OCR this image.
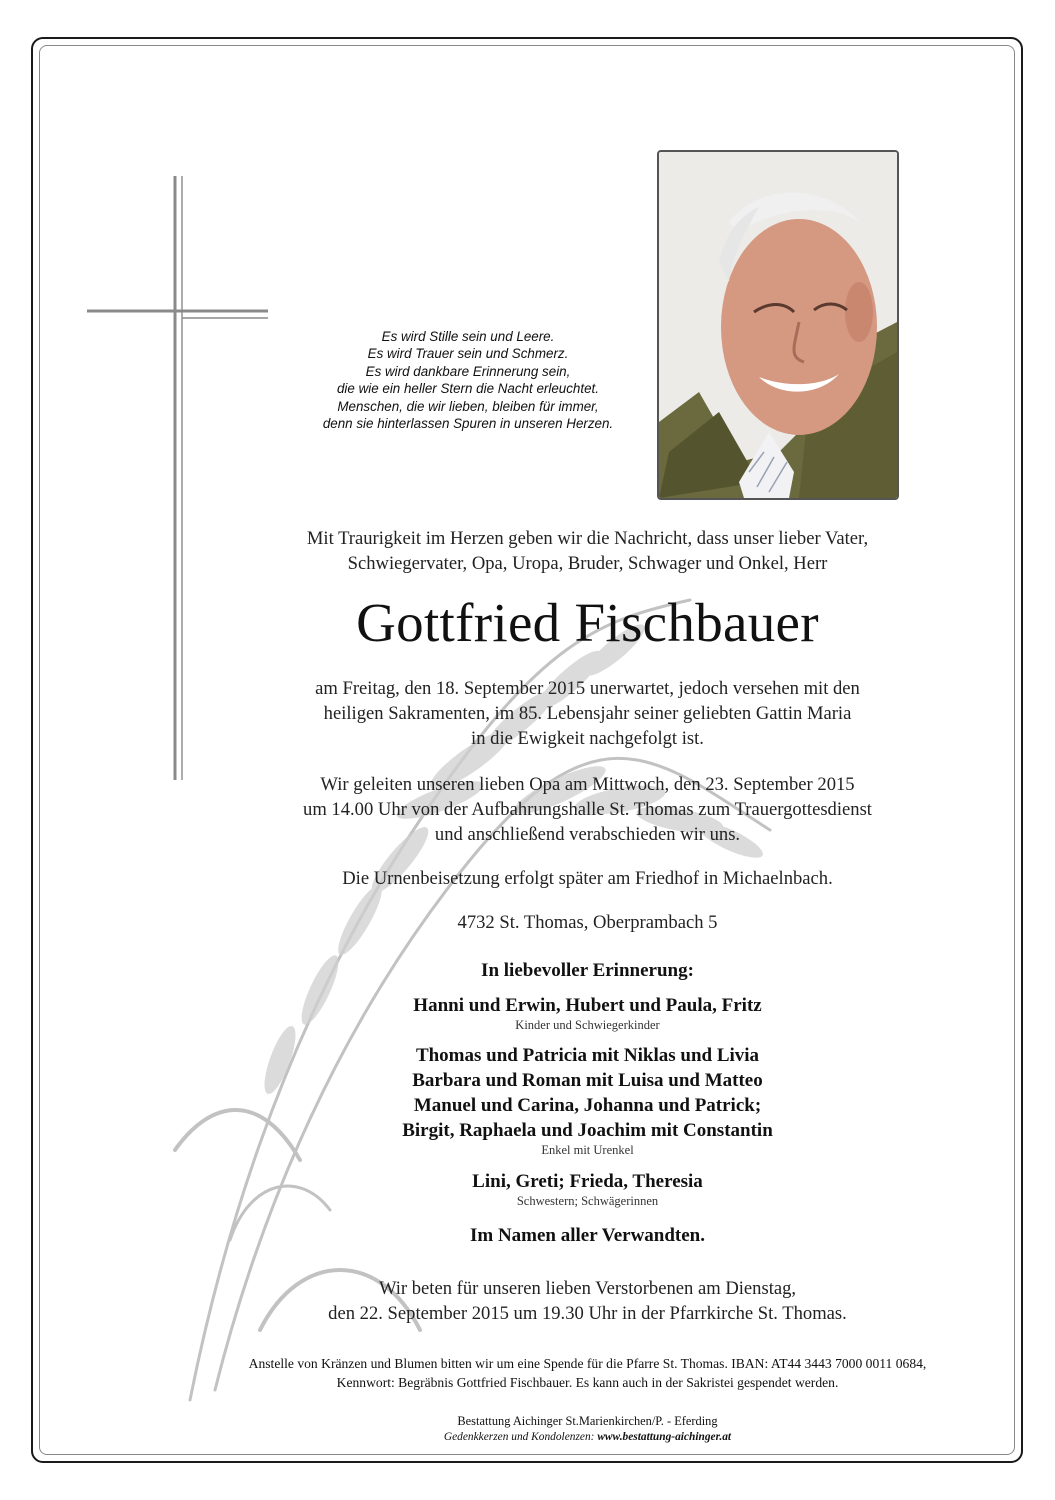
Es wird Stille sein und Leere.
Es wird Trauer sein und Schmerz.
Es wird dankbare Erinnerung sein,
die wie ein heller Stern die Nacht erleuchtet.
Menschen, die wir lieben, bleiben für immer,
denn sie hinterlassen Spuren in unseren Herzen.
Mit Traurigkeit im Herzen geben wir die Nachricht, dass unser lieber Vater,
Schwiegervater, Opa, Uropa, Bruder, Schwager und Onkel, Herr
Gottfried Fischbauer
am Freitag, den 18. September 2015 unerwartet, jedoch versehen mit den
heiligen Sakramenten, im 85. Lebensjahr seiner geliebten Gattin Maria
in die Ewigkeit nachgefolgt ist.
Wir geleiten unseren lieben Opa am Mittwoch, den 23. September 2015
um 14.00 Uhr von der Aufbahrungshalle St. Thomas zum Trauergottesdienst
und anschließend verabschieden wir uns.
Die Urnenbeisetzung erfolgt später am Friedhof in Michaelnbach.
4732 St. Thomas, Oberprambach 5
In liebevoller Erinnerung:
Hanni und Erwin, Hubert und Paula, Fritz
Kinder und Schwiegerkinder
Thomas und Patricia mit Niklas und Livia
Barbara und Roman mit Luisa und Matteo
Manuel und Carina, Johanna und Patrick;
Birgit, Raphaela und Joachim mit Constantin
Enkel mit Urenkel
Lini, Greti; Frieda, Theresia
Schwestern; Schwägerinnen
Im Namen aller Verwandten.
Wir beten für unseren lieben Verstorbenen am Dienstag,
den 22. September 2015 um 19.30 Uhr in der Pfarrkirche St. Thomas.
Anstelle von Kränzen und Blumen bitten wir um eine Spende für die Pfarre St. Thomas. IBAN: AT44 3443 7000 0011 0684,
Kennwort: Begräbnis Gottfried Fischbauer. Es kann auch in der Sakristei gespendet werden.
Bestattung Aichinger St.Marienkirchen/P. - Eferding
Gedenkkerzen und Kondolenzen: www.bestattung-aichinger.at
